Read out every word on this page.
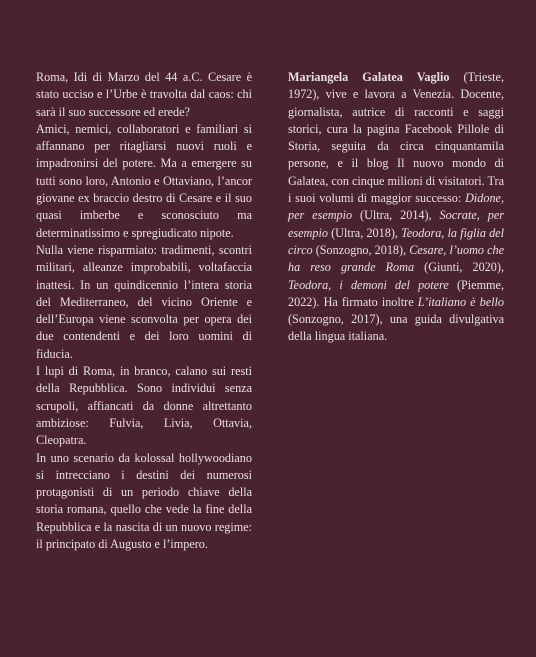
Roma, Idi di Marzo del 44 a.C. Cesare è stato ucciso e l’Urbe è travolta dal caos: chi sarà il suo successore ed erede?

Amici, nemici, collaboratori e familiari si affannano per ritagliarsi nuovi ruoli e impadronirsi del potere. Ma a emergere su tutti sono loro, Antonio e Ottaviano, l’ancor giovane ex braccio destro di Cesare e il suo quasi imberbe e sconosciuto ma determinatissimo e spregiudicato nipote.

Nulla viene risparmiato: tradimenti, scontri militari, alleanze improbabili, voltafaccia inattesi. In un quindicennio l’intera storia del Mediterraneo, del vicino Oriente e dell’Europa viene sconvolta per opera dei due contendenti e dei loro uomini di fiducia.

I lupi di Roma, in branco, calano sui resti della Repubblica. Sono individui senza scrupoli, affiancati da donne altrettanto ambiziose: Fulvia, Livia, Ottavia, Cleopatra.

In uno scenario da kolossal hollywoodiano si intrecciano i destini dei numerosi protagonisti di un periodo chiave della storia romana, quello che vede la fine della Repubblica e la nascita di un nuovo regime: il principato di Augusto e l’impero.

Mariangela Galatea Vaglio (Trieste, 1972), vive e lavora a Venezia. Docente, giornalista, autrice di racconti e saggi storici, cura la pagina Facebook Pillole di Storia, seguita da circa cinquantamila persone, e il blog Il nuovo mondo di Galatea, con cinque milioni di visitatori. Tra i suoi volumi di maggior successo: Didone, per esempio (Ultra, 2014), Socrate, per esempio (Ultra, 2018), Teodora, la figlia del circo (Sonzogno, 2018), Cesare, l’uomo che ha reso grande Roma (Giunti, 2020), Teodora, i demoni del potere (Piemme, 2022). Ha firmato inoltre L’italiano è bello (Sonzogno, 2017), una guida divulgativa della lingua italiana.
